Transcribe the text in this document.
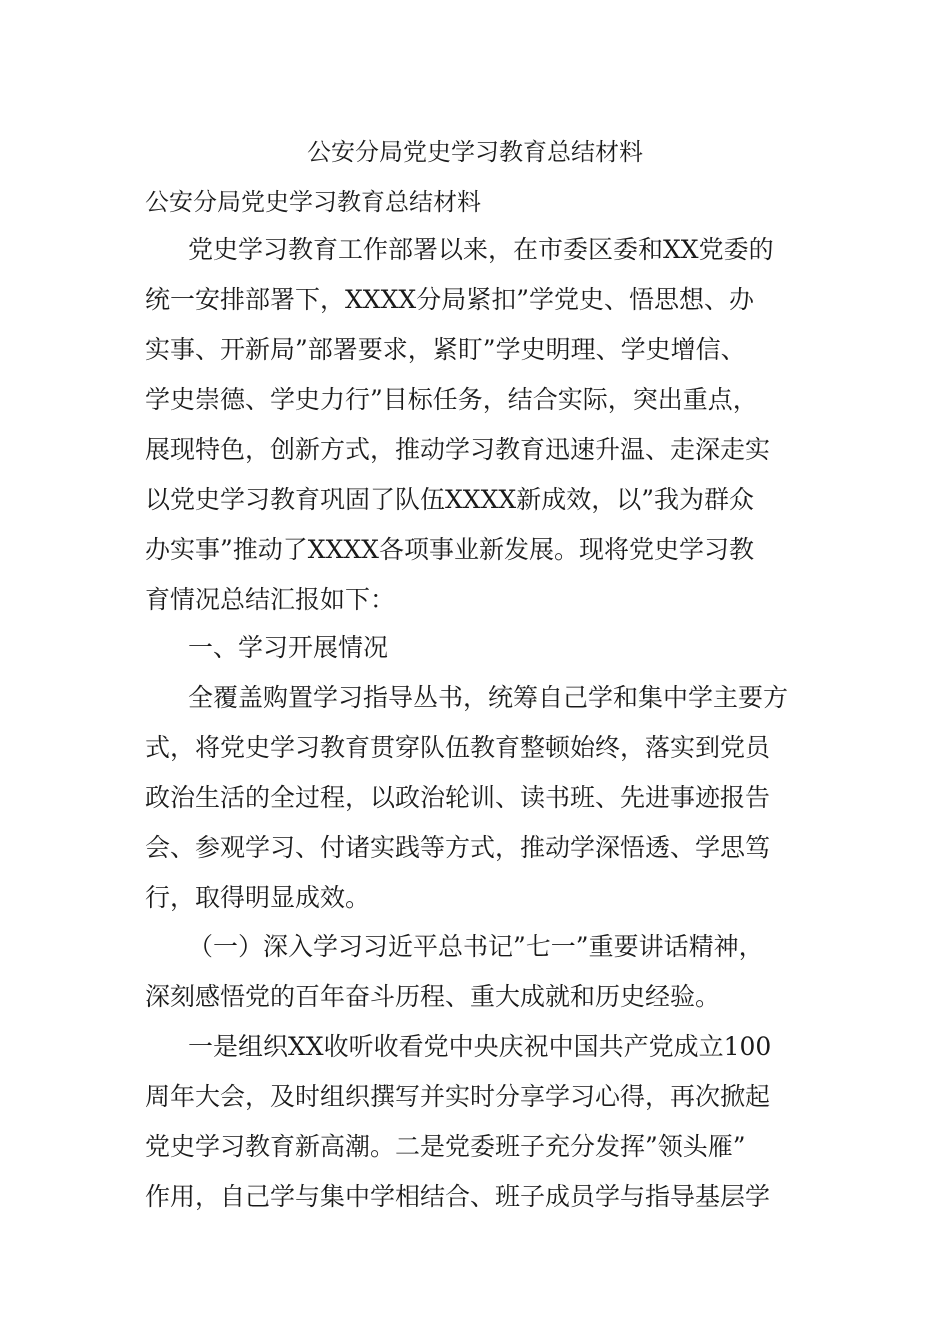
公安分局党史学习教育总结材料
公安分局党史学习教育总结材料
党史学习教育工作部署以来，在市委区委和XX党委的
统一安排部署下，XXXX分局紧扣”学党史、悟思想、办
实事、开新局”部署要求，紧盯”学史明理、学史增信、
学史崇德、学史力行”目标任务，结合实际，突出重点，
展现特色，创新方式，推动学习教育迅速升温、走深走实
以党史学习教育巩固了队伍XXXX新成效，以”我为群众
办实事”推动了XXXX各项事业新发展。现将党史学习教
育情况总结汇报如下：
一、学习开展情况
全覆盖购置学习指导丛书，统筹自己学和集中学主要方
式，将党史学习教育贯穿队伍教育整顿始终，落实到党员
政治生活的全过程，以政治轮训、读书班、先进事迹报告
会、参观学习、付诸实践等方式，推动学深悟透、学思笃
行，取得明显成效。
（一）深入学习习近平总书记”七一”重要讲话精神，
深刻感悟党的百年奋斗历程、重大成就和历史经验。
一是组织XX收听收看党中央庆祝中国共产党成立100
周年大会，及时组织撰写并实时分享学习心得，再次掀起
党史学习教育新高潮。二是党委班子充分发挥”领头雁”
作用，自己学与集中学相结合、班子成员学与指导基层学
